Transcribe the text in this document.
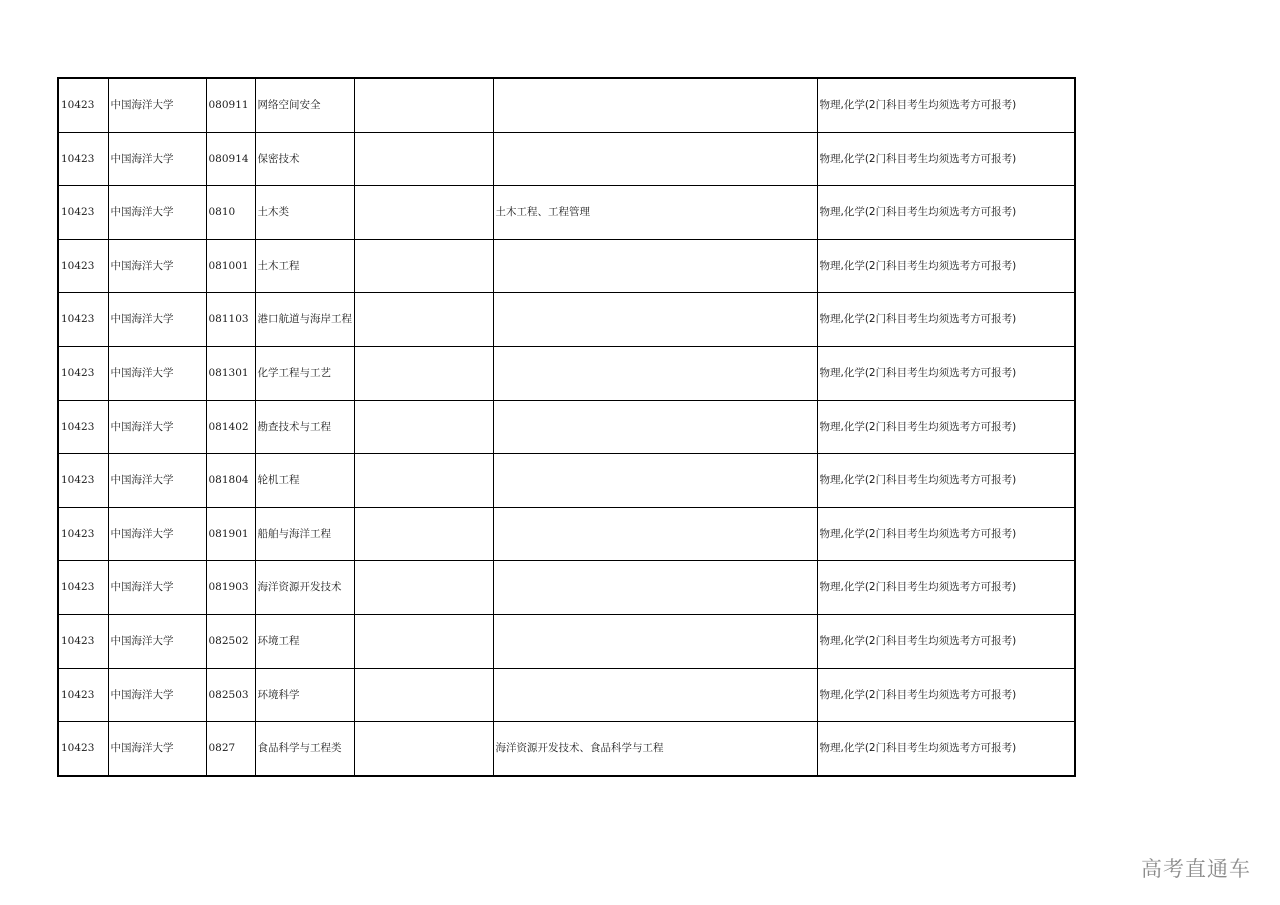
10423	中国海洋大学	080911	网络空间安全			物理,化学(2门科目考生均须选考方可报考)
10423	中国海洋大学	080914	保密技术			物理,化学(2门科目考生均须选考方可报考)
10423	中国海洋大学	0810	土木类		土木工程、工程管理	物理,化学(2门科目考生均须选考方可报考)
10423	中国海洋大学	081001	土木工程			物理,化学(2门科目考生均须选考方可报考)
10423	中国海洋大学	081103	港口航道与海岸工程			物理,化学(2门科目考生均须选考方可报考)
10423	中国海洋大学	081301	化学工程与工艺			物理,化学(2门科目考生均须选考方可报考)
10423	中国海洋大学	081402	勘查技术与工程			物理,化学(2门科目考生均须选考方可报考)
10423	中国海洋大学	081804	轮机工程			物理,化学(2门科目考生均须选考方可报考)
10423	中国海洋大学	081901	船舶与海洋工程			物理,化学(2门科目考生均须选考方可报考)
10423	中国海洋大学	081903	海洋资源开发技术			物理,化学(2门科目考生均须选考方可报考)
10423	中国海洋大学	082502	环境工程			物理,化学(2门科目考生均须选考方可报考)
10423	中国海洋大学	082503	环境科学			物理,化学(2门科目考生均须选考方可报考)
10423	中国海洋大学	0827	食品科学与工程类		海洋资源开发技术、食品科学与工程	物理,化学(2门科目考生均须选考方可报考)
高考直通车
